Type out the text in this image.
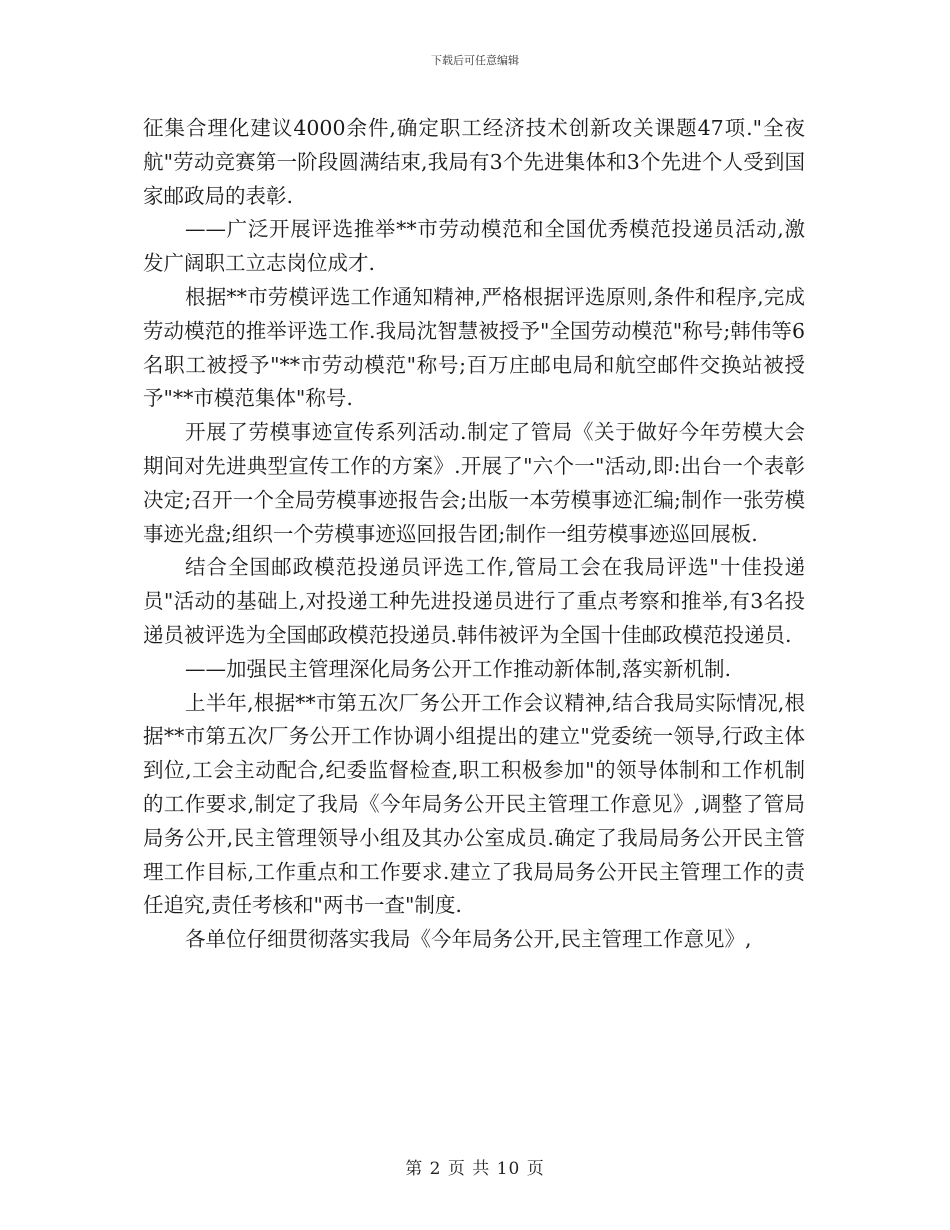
下载后可任意编辑

征集合理化建议4000余件,确定职工经济技术创新攻关课题47项."全夜航"劳动竞赛第一阶段圆满结束,我局有3个先进集体和3个先进个人受到国家邮政局的表彰.

——广泛开展评选推举**市劳动模范和全国优秀模范投递员活动,激发广阔职工立志岗位成才.

根据**市劳模评选工作通知精神,严格根据评选原则,条件和程序,完成劳动模范的推举评选工作.我局沈智慧被授予"全国劳动模范"称号;韩伟等6名职工被授予"**市劳动模范"称号;百万庄邮电局和航空邮件交换站被授予"**市模范集体"称号.

开展了劳模事迹宣传系列活动.制定了管局《关于做好今年劳模大会期间对先进典型宣传工作的方案》.开展了"六个一"活动,即:出台一个表彰决定;召开一个全局劳模事迹报告会;出版一本劳模事迹汇编;制作一张劳模事迹光盘;组织一个劳模事迹巡回报告团;制作一组劳模事迹巡回展板.

结合全国邮政模范投递员评选工作,管局工会在我局评选"十佳投递员"活动的基础上,对投递工种先进投递员进行了重点考察和推举,有3名投递员被评选为全国邮政模范投递员.韩伟被评为全国十佳邮政模范投递员.

——加强民主管理深化局务公开工作推动新体制,落实新机制.

上半年,根据**市第五次厂务公开工作会议精神,结合我局实际情况,根据**市第五次厂务公开工作协调小组提出的建立"党委统一领导,行政主体到位,工会主动配合,纪委监督检查,职工积极参加"的领导体制和工作机制的工作要求,制定了我局《今年局务公开民主管理工作意见》,调整了管局局务公开,民主管理领导小组及其办公室成员.确定了我局局务公开民主管理工作目标,工作重点和工作要求.建立了我局局务公开民主管理工作的责任追究,责任考核和"两书一查"制度.

各单位仔细贯彻落实我局《今年局务公开,民主管理工作意见》,

第 2 页 共 10 页
